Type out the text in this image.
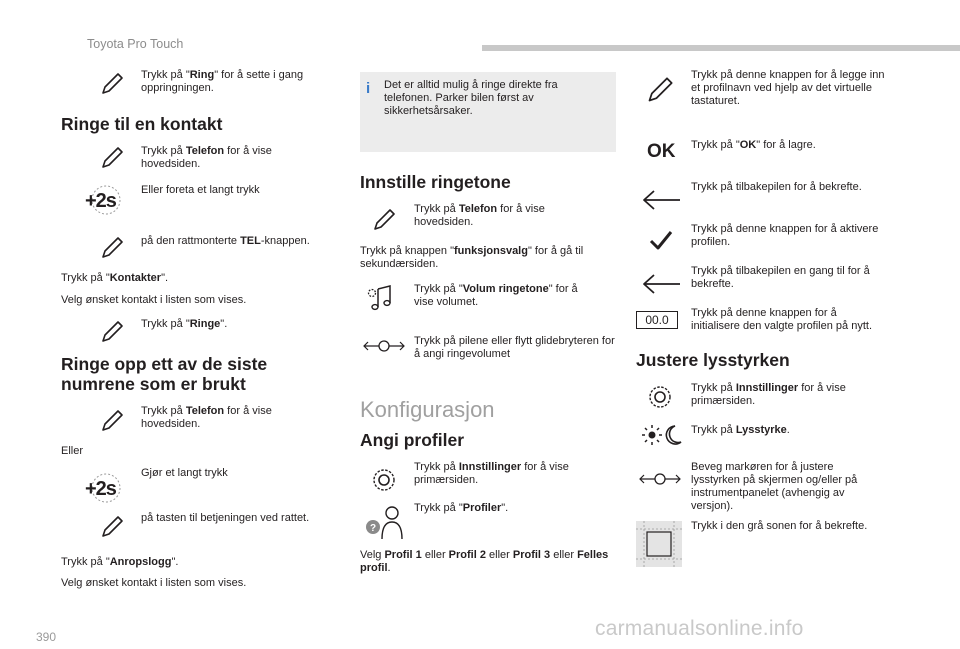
Toyota Pro Touch
Trykk på "Ring" for å sette i gang oppringningen.
Ringe til en kontakt
Trykk på Telefon for å vise hovedsiden.
+2s Eller foreta et langt trykk
på den rattmonterte TEL-knappen.
Trykk på "Kontakter".
Velg ønsket kontakt i listen som vises.
Trykk på "Ringe".
Ringe opp ett av de siste numrene som er brukt
Trykk på Telefon for å vise hovedsiden.
Eller
+2s
Gjør et langt trykk
på tasten til betjeningen ved rattet.
Trykk på "Anropslogg".
Velg ønsket kontakt i listen som vises.
i Det er alltid mulig å ringe direkte fra telefonen. Parker bilen først av sikkerhetsårsaker.
Innstille ringetone
Trykk på Telefon for å vise hovedsiden.
Trykk på knappen "funksjonsvalg" for å gå til sekundærsiden.
Trykk på "Volum ringetone" for å vise volumet.
Trykk på pilene eller flytt glidebryteren for å angi ringevolumet
Konfigurasjon
Angi profiler
Trykk på Innstillinger for å vise primærsiden.
?
Trykk på "Profiler".
Velg Profil 1 eller Profil 2 eller Profil 3 eller Felles profil.
Trykk på denne knappen for å legge inn et profilnavn ved hjelp av det virtuelle tastaturet.
OK Trykk på "OK" for å lagre.
Trykk på tilbakepilen for å bekrefte.
Trykk på denne knappen for å aktivere profilen.
Trykk på tilbakepilen en gang til for å bekrefte.
00.0	Trykk på denne knappen for å initialisere den valgte profilen på nytt.
Justere lysstyrken
Trykk på Innstillinger for å vise primærsiden.
Trykk på Lysstyrke.
Beveg markøren for å justere lysstyrken på skjermen og/eller på instrumentpanelet (avhengig av versjon).
Trykk i den grå sonen for å bekrefte.
390	carmanualsonline.info
